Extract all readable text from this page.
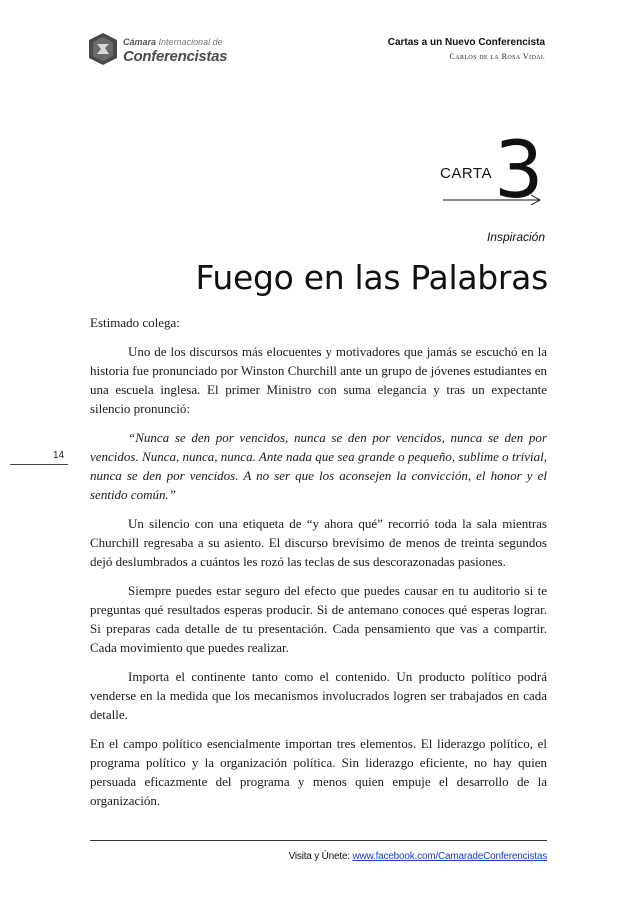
Cámara Internacional de
Conferencistas
Cartas a un Nuevo Conferencista
Carlos de la Rosa Vidal
CARTA 3
Inspiración
Fuego en las Palabras
14

Estimado colega:

Uno de los discursos más elocuentes y motivadores que jamás se escuchó en la historia fue pronunciado por Winston Churchill ante un grupo de jóvenes estudiantes en una escuela inglesa. El primer Ministro con suma elegancia y tras un expectante silencio pronunció:

“Nunca se den por vencidos, nunca se den por vencidos, nunca se den por vencidos. Nunca, nunca, nunca. Ante nada que sea grande o pequeño, sublime o trivial, nunca se den por vencidos. A no ser que los aconsejen la convicción, el honor y el sentido común.”

Un silencio con una etiqueta de “y ahora qué” recorrió toda la sala mientras Churchill regresaba a su asiento. El discurso brevísimo de menos de treinta segundos dejó deslumbrados a cuántos les rozó las teclas de sus descorazonadas pasiones.

Siempre puedes estar seguro del efecto que puedes causar en tu auditorio si te preguntas qué resultados esperas producir. Si de antemano conoces qué esperas lograr. Si preparas cada detalle de tu presentación. Cada pensamiento que vas a compartir. Cada movimiento que puedes realizar.

Importa el continente tanto como el contenido. Un producto político podrá venderse en la medida que los mecanismos involucrados logren ser trabajados en cada detalle.

En el campo político esencialmente importan tres elementos. El liderazgo político, el programa político y la organización política. Sin liderazgo eficiente, no hay quien persuada eficazmente del programa y menos quien empuje el desarrollo de la organización.

Visita y Únete: www.facebook.com/CamaradeConferencistas
